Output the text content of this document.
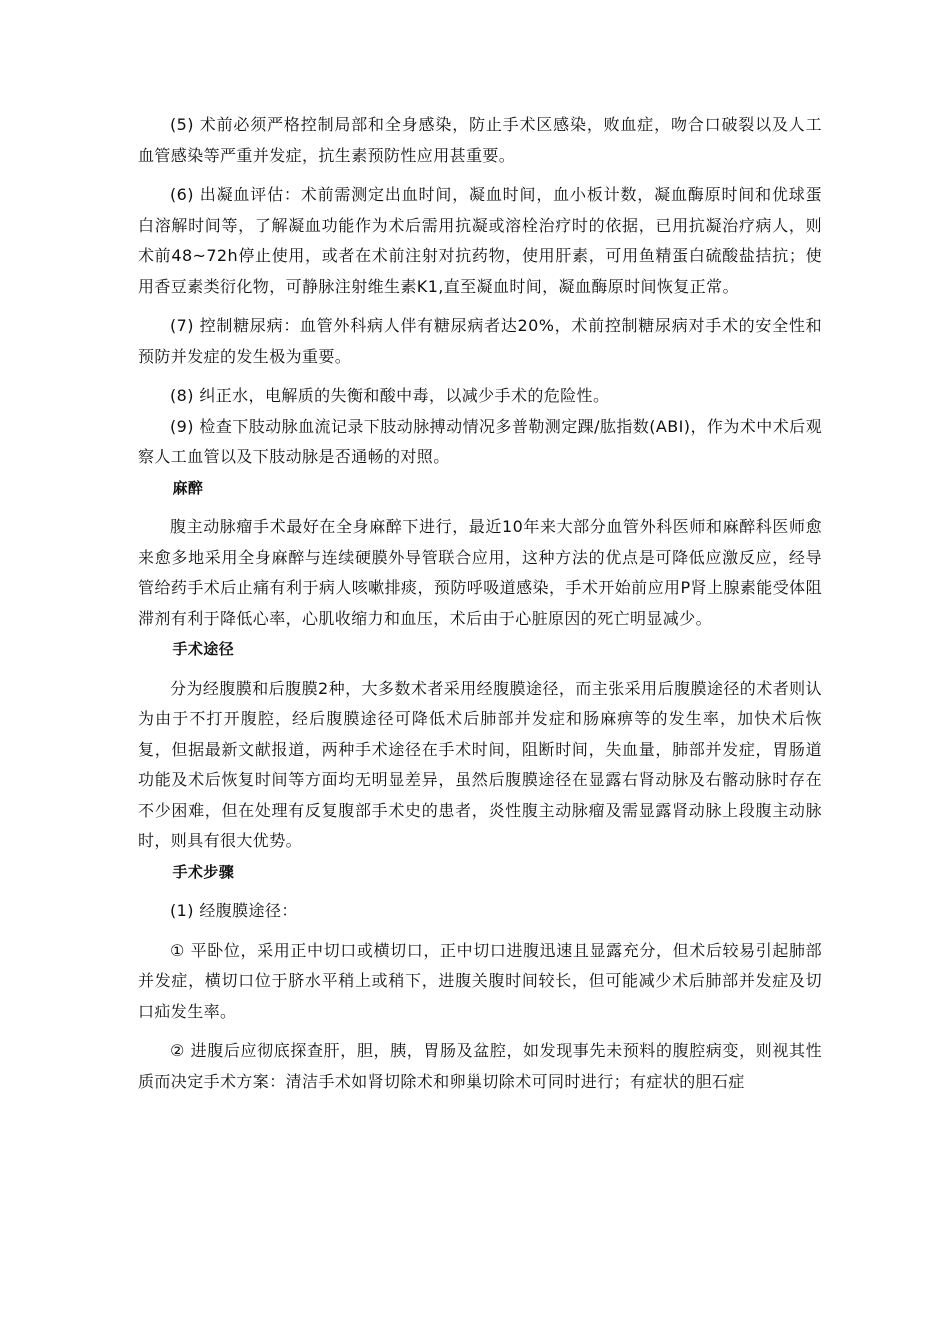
(5) 术前必须严格控制局部和全身感染，防止手术区感染，败血症，吻合口破裂以及人工血管感染等严重并发症，抗生素预防性应用甚重要。

(6) 出凝血评估：术前需测定出血时间，凝血时间，血小板计数，凝血酶原时间和优球蛋白溶解时间等，了解凝血功能作为术后需用抗凝或溶栓治疗时的依据，已用抗凝治疗病人，则术前48~72h停止使用，或者在术前注射对抗药物，使用肝素，可用鱼精蛋白硫酸盐拮抗；使用香豆素类衍化物，可静脉注射维生素K1,直至凝血时间，凝血酶原时间恢复正常。

(7) 控制糖尿病：血管外科病人伴有糖尿病者达20%，术前控制糖尿病对手术的安全性和预防并发症的发生极为重要。

(8) 纠正水，电解质的失衡和酸中毒，以减少手术的危险性。

(9) 检查下肢动脉血流记录下肢动脉搏动情况多普勒测定踝/肱指数(ABI)，作为术中术后观察人工血管以及下肢动脉是否通畅的对照。

麻醉

腹主动脉瘤手术最好在全身麻醉下进行，最近10年来大部分血管外科医师和麻醉科医师愈来愈多地采用全身麻醉与连续硬膜外导管联合应用，这种方法的优点是可降低应激反应，经导管给药手术后止痛有利于病人咳嗽排痰，预防呼吸道感染，手术开始前应用P肾上腺素能受体阻滞剂有利于降低心率，心肌收缩力和血压，术后由于心脏原因的死亡明显减少。

手术途径

分为经腹膜和后腹膜2种，大多数术者采用经腹膜途径，而主张采用后腹膜途径的术者则认为由于不打开腹腔，经后腹膜途径可降低术后肺部并发症和肠麻痹等的发生率，加快术后恢复，但据最新文献报道，两种手术途径在手术时间，阻断时间，失血量，肺部并发症，胃肠道功能及术后恢复时间等方面均无明显差异，虽然后腹膜途径在显露右肾动脉及右髂动脉时存在不少困难，但在处理有反复腹部手术史的患者，炎性腹主动脉瘤及需显露肾动脉上段腹主动脉时，则具有很大优势。

手术步骤

(1) 经腹膜途径：

① 平卧位，采用正中切口或横切口，正中切口进腹迅速且显露充分，但术后较易引起肺部并发症，横切口位于脐水平稍上或稍下，进腹关腹时间较长，但可能减少术后肺部并发症及切口疝发生率。

② 进腹后应彻底探查肝，胆，胰，胃肠及盆腔，如发现事先未预料的腹腔病变，则视其性质而决定手术方案：清洁手术如肾切除术和卵巢切除术可同时进行；有症状的胆石症
